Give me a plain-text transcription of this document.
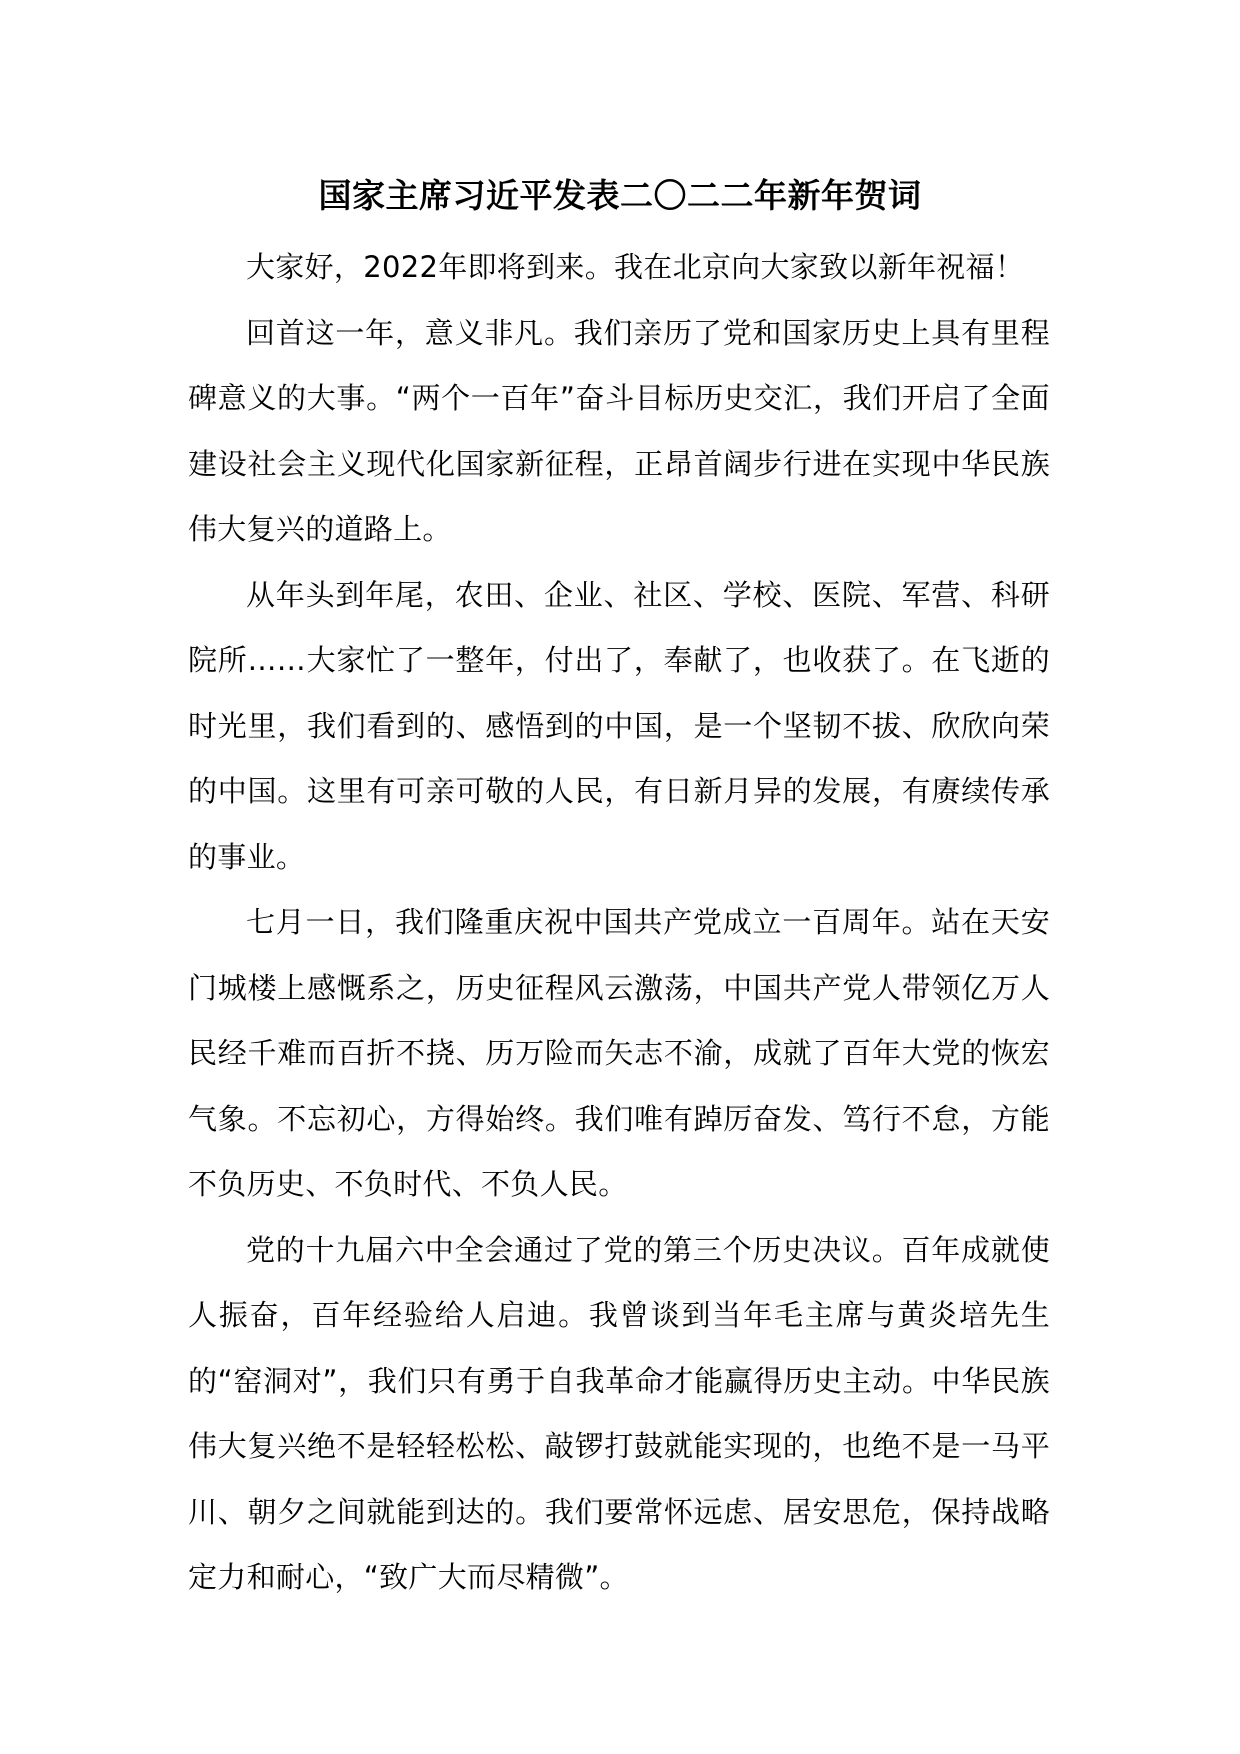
国家主席习近平发表二〇二二年新年贺词

大家好，2022年即将到来。我在北京向大家致以新年祝福！

回首这一年，意义非凡。我们亲历了党和国家历史上具有里程碑意义的大事。“两个一百年”奋斗目标历史交汇，我们开启了全面建设社会主义现代化国家新征程，正昂首阔步行进在实现中华民族伟大复兴的道路上。

从年头到年尾，农田、企业、社区、学校、医院、军营、科研院所……大家忙了一整年，付出了，奉献了，也收获了。在飞逝的时光里，我们看到的、感悟到的中国，是一个坚韧不拔、欣欣向荣的中国。这里有可亲可敬的人民，有日新月异的发展，有赓续传承的事业。

七月一日，我们隆重庆祝中国共产党成立一百周年。站在天安门城楼上感慨系之，历史征程风云激荡，中国共产党人带领亿万人民经千难而百折不挠、历万险而矢志不渝，成就了百年大党的恢宏气象。不忘初心，方得始终。我们唯有踔厉奋发、笃行不怠，方能不负历史、不负时代、不负人民。

党的十九届六中全会通过了党的第三个历史决议。百年成就使人振奋，百年经验给人启迪。我曾谈到当年毛主席与黄炎培先生的“窑洞对”，我们只有勇于自我革命才能赢得历史主动。中华民族伟大复兴绝不是轻轻松松、敲锣打鼓就能实现的，也绝不是一马平川、朝夕之间就能到达的。我们要常怀远虑、居安思危，保持战略定力和耐心，“致广大而尽精微”。
